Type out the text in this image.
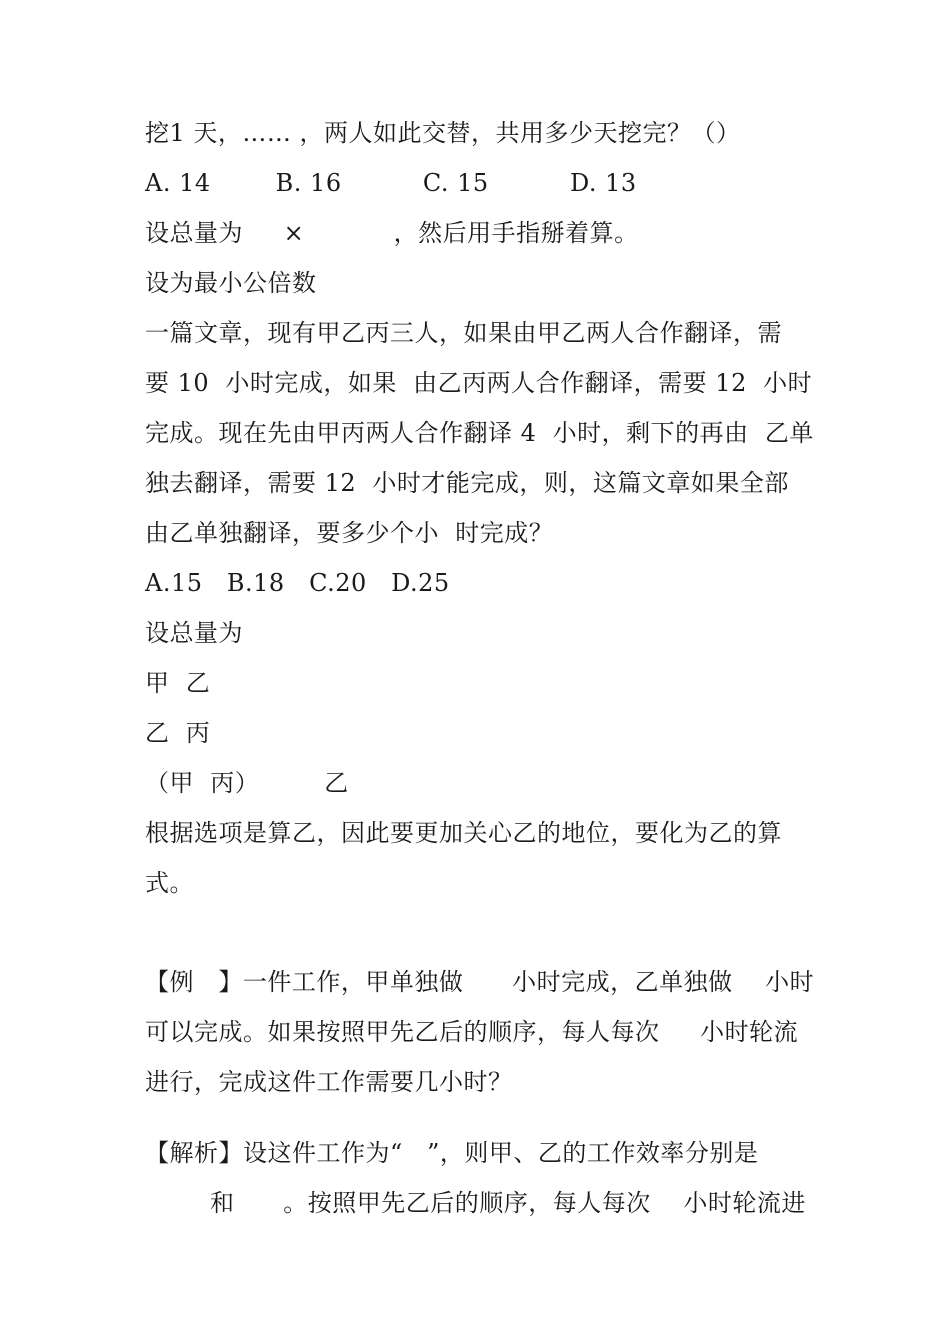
挖1 天，…… ，两人如此交替，共用多少天挖完？（）
A. 14        B. 16          C. 15          D. 13
设总量为     ×           ，然后用手指掰着算。
设为最小公倍数
一篇文章，现有甲乙丙三人，如果由甲乙两人合作翻译，需
要 10  小时完成，如果  由乙丙两人合作翻译，需要 12  小时
完成。现在先由甲丙两人合作翻译 4  小时，剩下的再由  乙单
独去翻译，需要 12  小时才能完成，则，这篇文章如果全部
由乙单独翻译，要多少个小  时完成？
A.15   B.18   C.20   D.25
设总量为
甲  乙
乙  丙
（甲  丙）        乙
根据选项是算乙，因此要更加关心乙的地位，要化为乙的算
式。
【例   】一件工作，甲单独做      小时完成，乙单独做    小时
可以完成。如果按照甲先乙后的顺序，每人每次     小时轮流
进行，完成这件工作需要几小时？
【解析】设这件工作为“   ”，则甲、乙的工作效率分别是
和      。按照甲先乙后的顺序，每人每次    小时轮流进
